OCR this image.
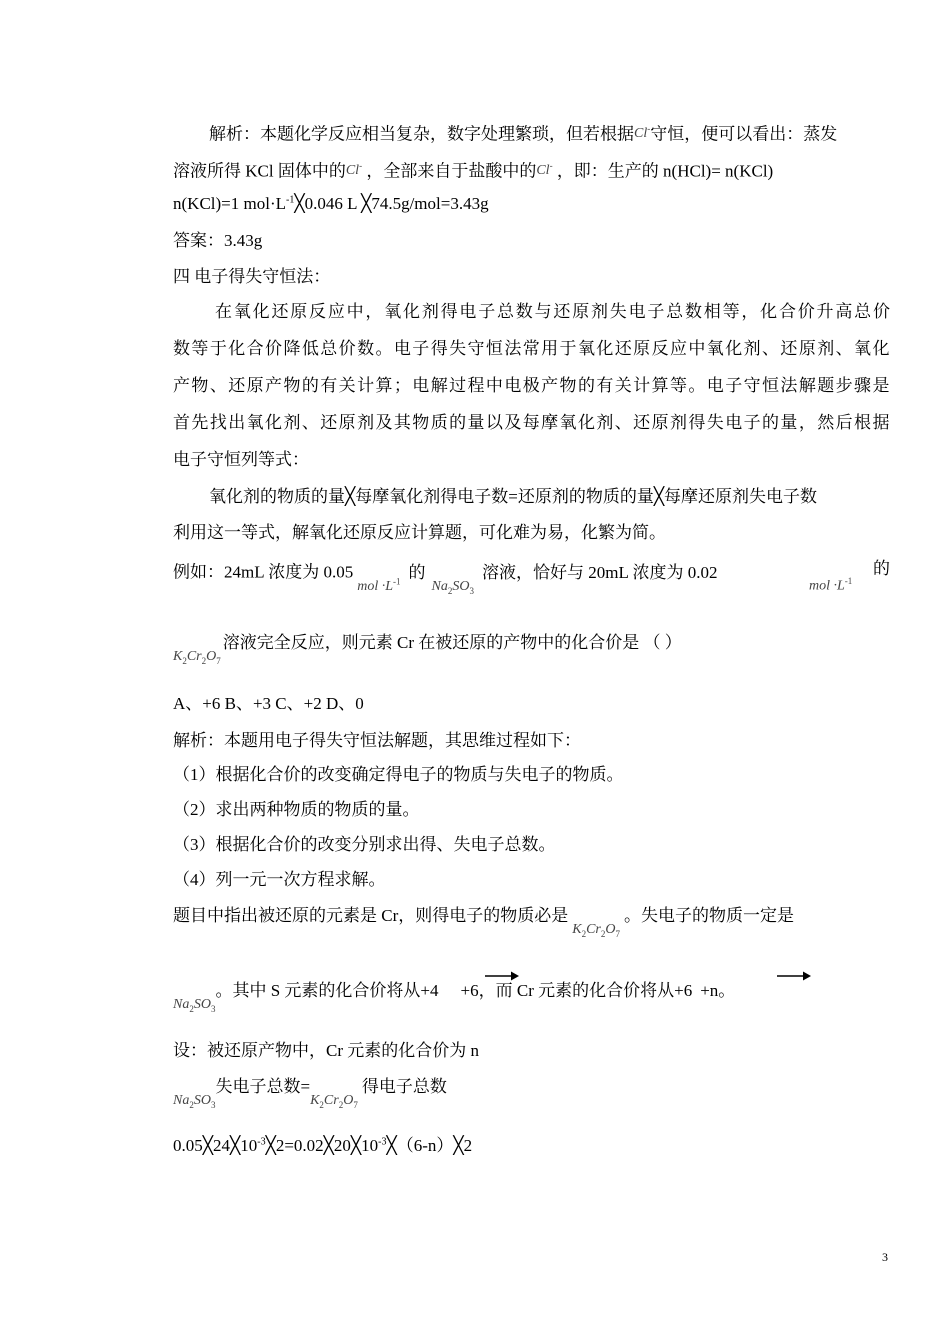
解析：本题化学反应相当复杂，数字处理繁琐，但若根据Cl-守恒，便可以看出：蒸发
溶液所得 KCl 固体中的Cl- ，全部来自于盐酸中的Cl- ，即：生产的 n(HCl)= n(KCl)
n(KCl)=1 $mol\cdot L^{-1}╳0.046$ L ╳74.5g/mol=3.43g
答案：3.43g
四 电子得失守恒法：

在 氧 化 还 原 反 应 中 ， 氧 化 剂 得 电 子 总 数 与 还 原 剂 失 电 子 总 数 相 等 ， 化 合 价 升 高 总 价
数 等 于 化 合 价 降 低 总 价 数 。 电 子 得 失 守 恒 法 常 用 于 氧 化 还 原 反 应 中 氧 化 剂 、 还 原 剂 、 氧 化
产 物 、 还 原 产 物 的 有 关 计 算 ； 电 解 过 程 中 电 极 产 物 的 有 关 计 算 等 。 电 子 守 恒 法 解 题 步 骤 是
首 先 找 出 氧 化 剂 、 还 原 剂 及 其 物 质 的 量 以 及 每 摩 氧 化 剂 、 还 原 剂 得 失 电 子 的 量 ， 然 后 根 据
电子守恒列等式：
氧化剂的物质的量╳每摩氧化剂得电子数=还原剂的物质的量╳每摩还原剂失电子数
利用这一等式，解氧化还原反应计算题，可化难为易，化繁为简。
例如：24mL 浓度为 $0.05_{mol \cdot L^{-1}}$ 的$_{Na_2SO_3}$溶液，恰好与 20mL 浓度为 0.02
mol $\cdot L^{-1}$
的
$_{K_2Cr_2O_7}$溶液完全反应，则元素 Cr 在被还原的产物中的化合价是 （ ）
A、+6 B、+3 C、+2 D、0
解析：本题用电子得失守恒法解题，其思维过程如下：
（1）根据化合价的改变确定得电子的物质与失电子的物质。
（2）求出两种物质的物质的量。
（3）根据化合价的改变分别求出得、失电子总数。
（4）列一元一次方程求解。
题目中指出被还原的元素是 Cr，则得电子的物质必是$_{K_2Cr_2O_7}$。失电子的物质一定是
$_{Na_2SO_3}$。其中 S 元素的化合价将从+4 +6，而 Cr 元素的化合价将从+6 +n。
设：被还原产物中，Cr 元素的化合价为 n
$_{Na_2SO_3}$失电子总数$=_{K_2Cr_2O_7}$得电子总数
$0.05╳24╳10^{-3}╳2=0.02╳20╳10^{-3}╳(6-n)╳2$
3
